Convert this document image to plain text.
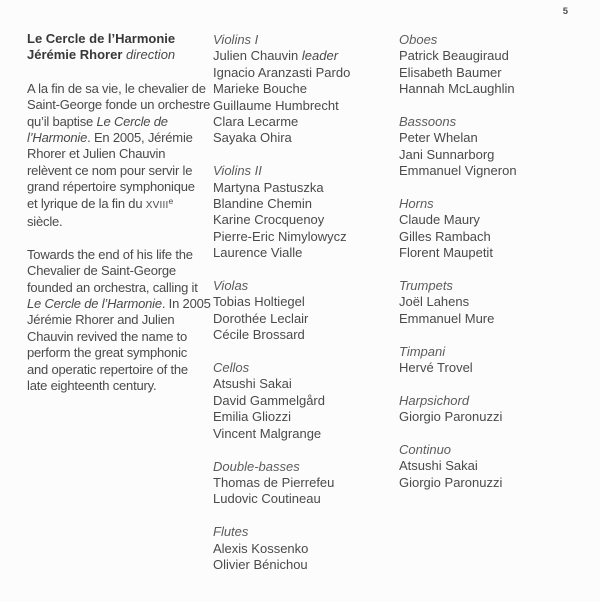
5
Le Cercle de l’Harmonie
Jérémie Rhorer direction

A la fin de sa vie, le chevalier de
Saint-George fonde un orchestre
qu’il baptise Le Cercle de
l’Harmonie. En 2005, Jérémie
Rhorer et Julien Chauvin
relèvent ce nom pour servir le
grand répertoire symphonique
et lyrique de la fin du XVIIIe
siècle.

Towards the end of his life the
Chevalier de Saint-George
founded an orchestra, calling it
Le Cercle de l’Harmonie. In 2005
Jérémie Rhorer and Julien
Chauvin revived the name to
perform the great symphonic
and operatic repertoire of the
late eighteenth century.

Violins I
Julien Chauvin leader
Ignacio Aranzasti Pardo
Marieke Bouche
Guillaume Humbrecht
Clara Lecarme
Sayaka Ohira
Violins II
Martyna Pastuszka
Blandine Chemin
Karine Crocquenoy
Pierre-Eric Nimylowycz
Laurence Vialle
Violas
Tobias Holtiegel
Dorothée Leclair
Cécile Brossard
Cellos
Atsushi Sakai
David Gammelgård
Emilia Gliozzi
Vincent Malgrange
Double-basses
Thomas de Pierrefeu
Ludovic Coutineau
Flutes
Alexis Kossenko
Olivier Bénichou
Oboes
Patrick Beaugiraud
Elisabeth Baumer
Hannah McLaughlin
Bassoons
Peter Whelan
Jani Sunnarborg
Emmanuel Vigneron
Horns
Claude Maury
Gilles Rambach
Florent Maupetit
Trumpets
Joël Lahens
Emmanuel Mure
Timpani
Hervé Trovel
Harpsichord
Giorgio Paronuzzi
Continuo
Atsushi Sakai
Giorgio Paronuzzi
